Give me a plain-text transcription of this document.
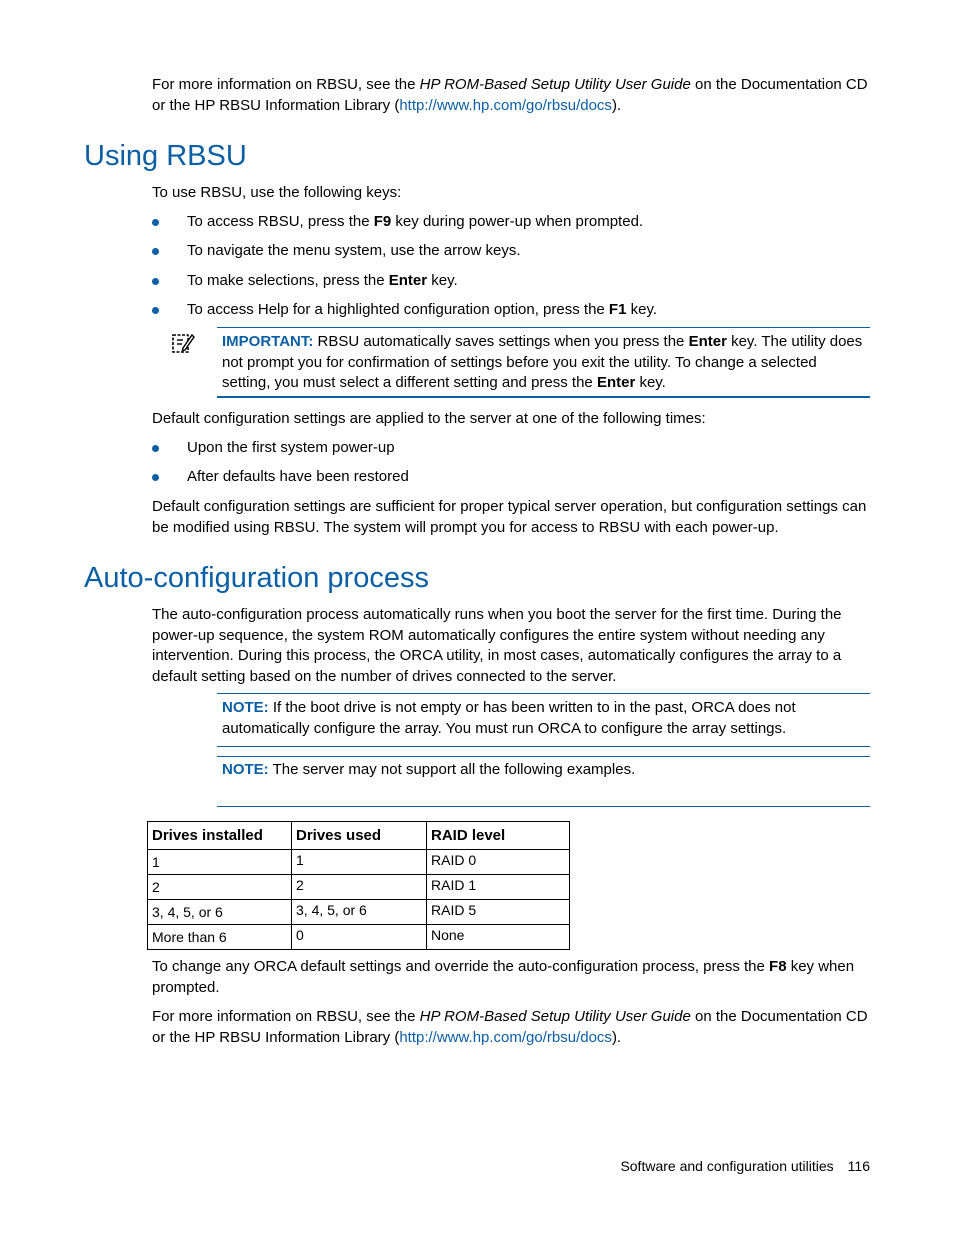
For more information on RBSU, see the HP ROM-Based Setup Utility User Guide on the Documentation CD or the HP RBSU Information Library (http://www.hp.com/go/rbsu/docs).

Using RBSU

To use RBSU, use the following keys:

To access RBSU, press the F9 key during power-up when prompted.
To navigate the menu system, use the arrow keys.
To make selections, press the Enter key.
To access Help for a highlighted configuration option, press the F1 key.
IMPORTANT: RBSU automatically saves settings when you press the Enter key. The utility does not prompt you for confirmation of settings before you exit the utility. To change a selected setting, you must select a different setting and press the Enter key.

Default configuration settings are applied to the server at one of the following times:

Upon the first system power-up
After defaults have been restored

Default configuration settings are sufficient for proper typical server operation, but configuration settings can be modified using RBSU. The system will prompt you for access to RBSU with each power-up.

Auto-configuration process

The auto-configuration process automatically runs when you boot the server for the first time. During the power-up sequence, the system ROM automatically configures the entire system without needing any intervention. During this process, the ORCA utility, in most cases, automatically configures the array to a default setting based on the number of drives connected to the server.

NOTE: If the boot drive is not empty or has been written to in the past, ORCA does not automatically configure the array. You must run ORCA to configure the array settings.
NOTE: The server may not support all the following examples.
Drives installed	Drives used	RAID level
1	1	RAID 0
2	2	RAID 1
3, 4, 5, or 6	3, 4, 5, or 6	RAID 5
More than 6	0	None

To change any ORCA default settings and override the auto-configuration process, press the F8 key when prompted.

For more information on RBSU, see the HP ROM-Based Setup Utility User Guide on the Documentation CD or the HP RBSU Information Library (http://www.hp.com/go/rbsu/docs).

Software and configuration utilities 116
